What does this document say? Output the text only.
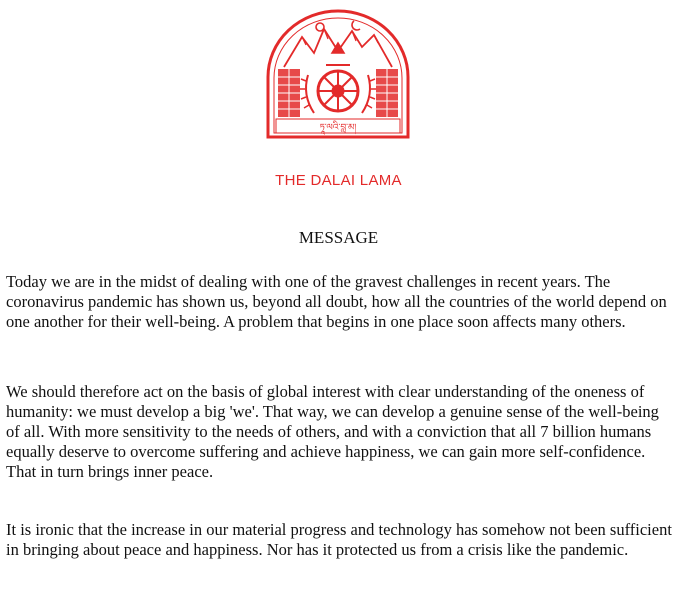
ཏཱ་ལའི་བླ་མ།

THE DALAI LAMA

MESSAGE

Today we are in the midst of dealing with one of the gravest challenges in recent years. The coronavirus pandemic has shown us, beyond all doubt, how all the countries of the world depend on one another for their well-being. A problem that begins in one place soon affects many others.

We should therefore act on the basis of global interest with clear understanding of the oneness of humanity: we must develop a big 'we'. That way, we can develop a genuine sense of the well-being of all. With more sensitivity to the needs of others, and with a conviction that all 7 billion humans equally deserve to overcome suffering and achieve happiness, we can gain more self-confidence. That in turn brings inner peace.

It is ironic that the increase in our material progress and technology has somehow not been sufficient in bringing about peace and happiness. Nor has it protected us from a crisis like the pandemic.
